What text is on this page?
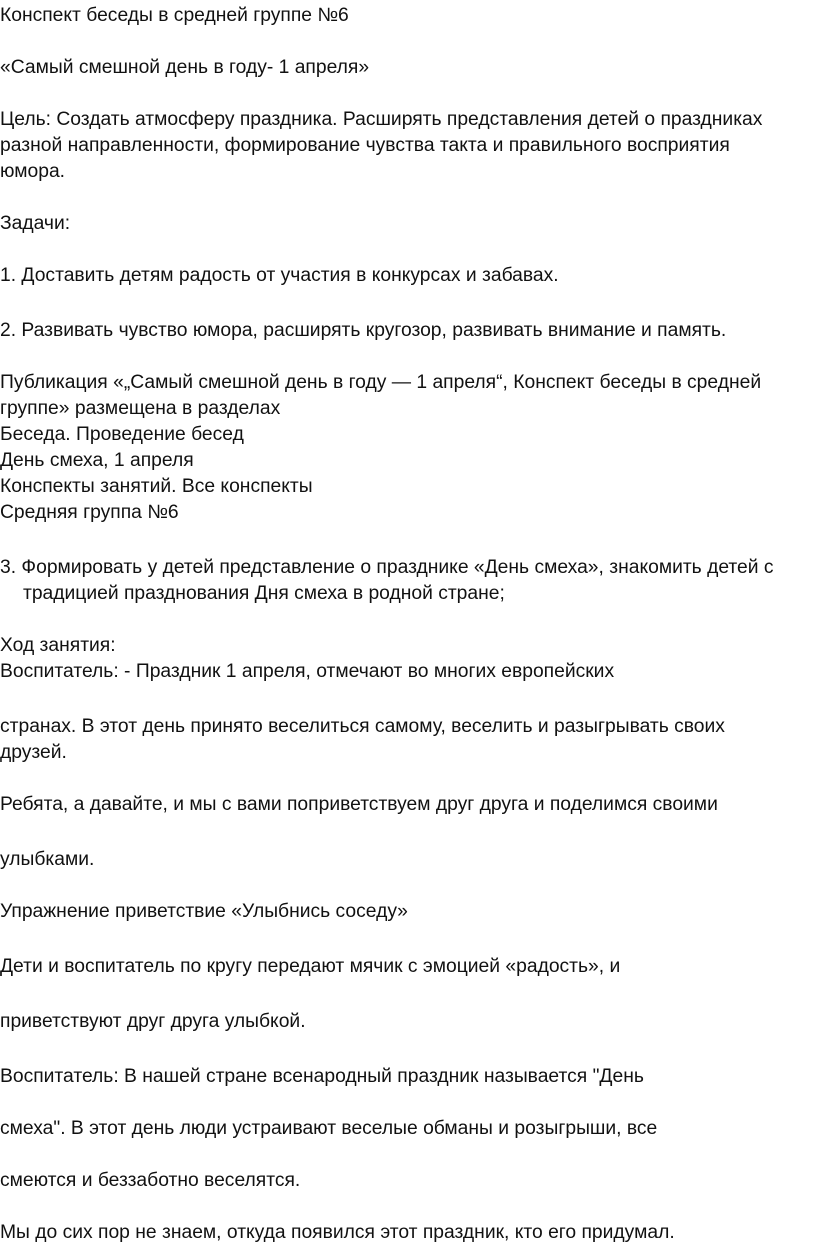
Конспект беседы в средней группе №6

«Самый смешной день в году- 1 апреля»

Цель: Создать атмосферу праздника. Расширять представления детей о праздниках

разной направленности, формирование чувства такта и правильного восприятия

юмора.

Задачи:

1. Доставить детям радость от участия в конкурсах и забавах.

2. Развивать чувство юмора, расширять кругозор, развивать внимание и память.

Публикация «„Самый смешной день в году — 1 апреля“, Конспект беседы в средней

группе» размещена в разделах

Беседа. Проведение бесед

День смеха, 1 апреля

Конспекты занятий. Все конспекты

Средняя группа №6

3. Формировать у детей представление о празднике «День смеха», знакомить детей с

традицией празднования Дня смеха в родной стране;

Ход занятия:

Воспитатель: - Праздник 1 апреля, отмечают во многих европейских

странах. В этот день принято веселиться самому, веселить и разыгрывать своих

друзей.

Ребята, а давайте, и мы с вами поприветствуем друг друга и поделимся своими

улыбками.

Упражнение приветствие «Улыбнись соседу»

Дети и воспитатель по кругу передают мячик с эмоцией «радость», и

приветствуют друг друга улыбкой.

Воспитатель: В нашей стране всенародный праздник называется "День

смеха". В этот день люди устраивают веселые обманы и розыгрыши, все

смеются и беззаботно веселятся.

Мы до сих пор не знаем, откуда появился этот праздник, кто его придумал.
